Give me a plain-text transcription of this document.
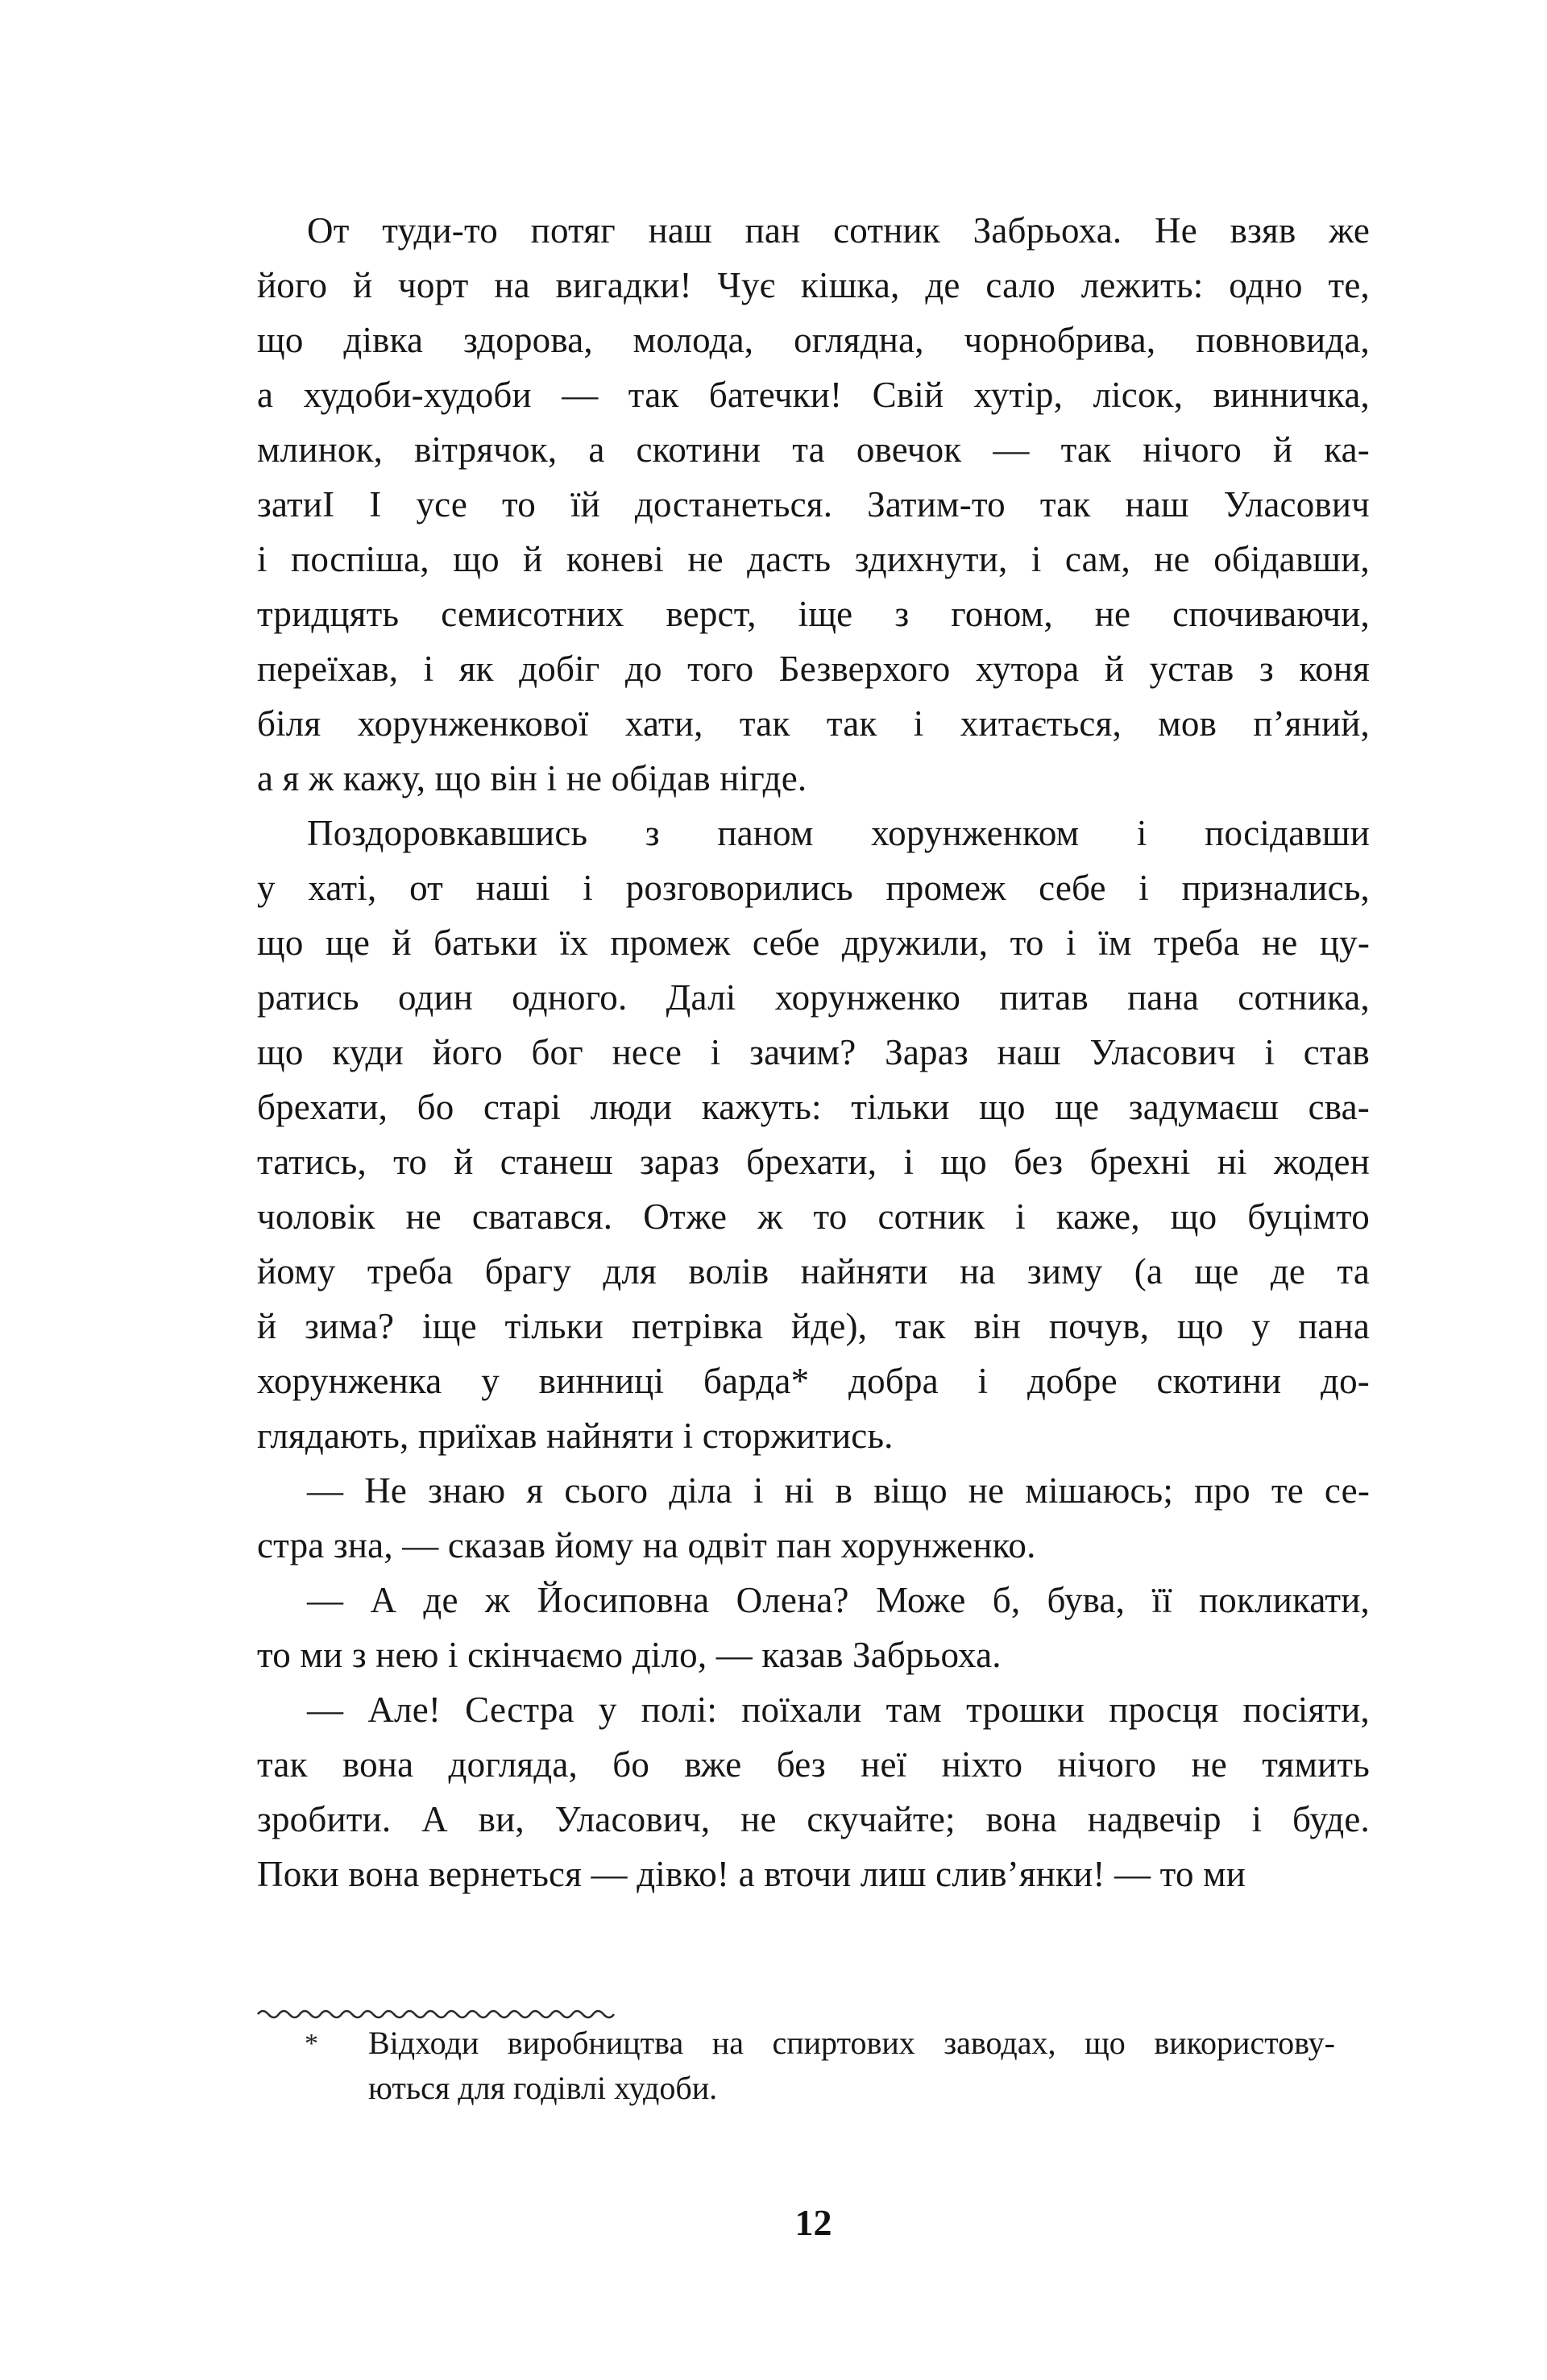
От туди-то потяг наш пан сотник Забрьоха. Не взяв же
його й чорт на вигадки! Чує кішка, де сало лежить: одно те,
що дівка здорова, молода, оглядна, чорнобрива, повновида,
а худоби-худоби — так батечки! Свій хутір, лісок, винничка,
млинок, вітрячок, а скотини та овечок — так нічого й ка-
затиІ І усе то їй достанеться. Затим-то так наш Уласович
і поспіша, що й коневі не дасть здихнути, і сам, не обідавши,
тридцять семисотних верст, іще з гоном, не спочиваючи,
переїхав, і як добіг до того Безверхого хутора й устав з коня
біля хорунженкової хати, так так і хитається, мов п’яний,
а я ж кажу, що він і не обідав нігде.
Поздоровкавшись з паном хорунженком і посідавши
у хаті, от наші і розговорились промеж себе і признались,
що ще й батьки їх промеж себе дружили, то і їм треба не цу-
ратись один одного. Далі хорунженко питав пана сотника,
що куди його бог несе і зачим? Зараз наш Уласович і став
брехати, бо старі люди кажуть: тільки що ще задумаєш сва-
татись, то й станеш зараз брехати, і що без брехні ні жоден
чоловік не сватався. Отже ж то сотник і каже, що буцімто
йому треба брагу для волів найняти на зиму (а ще де та
й зима? іще тільки петрівка йде), так він почув, що у пана
хорунженка у винниці барда* добра і добре скотини до-
глядають, приїхав найняти і сторжитись.
— Не знаю я сього діла і ні в віщо не мішаюсь; про те се-
стра зна, — сказав йому на одвіт пан хорунженко.
— А де ж Йосиповна Олена? Може б, бува, її покликати,
то ми з нею і скінчаємо діло, — казав Забрьоха.
— Але! Сестра у полі: поїхали там трошки просця посіяти,
так вона догляда, бо вже без неї ніхто нічого не тямить
зробити. А ви, Уласович, не скучайте; вона надвечір і буде.
Поки вона вернеться — дівко! а вточи лиш слив’янки! — то ми
* Відходи виробництва на спиртових заводах, що використову-
ються для годівлі худоби.
12
